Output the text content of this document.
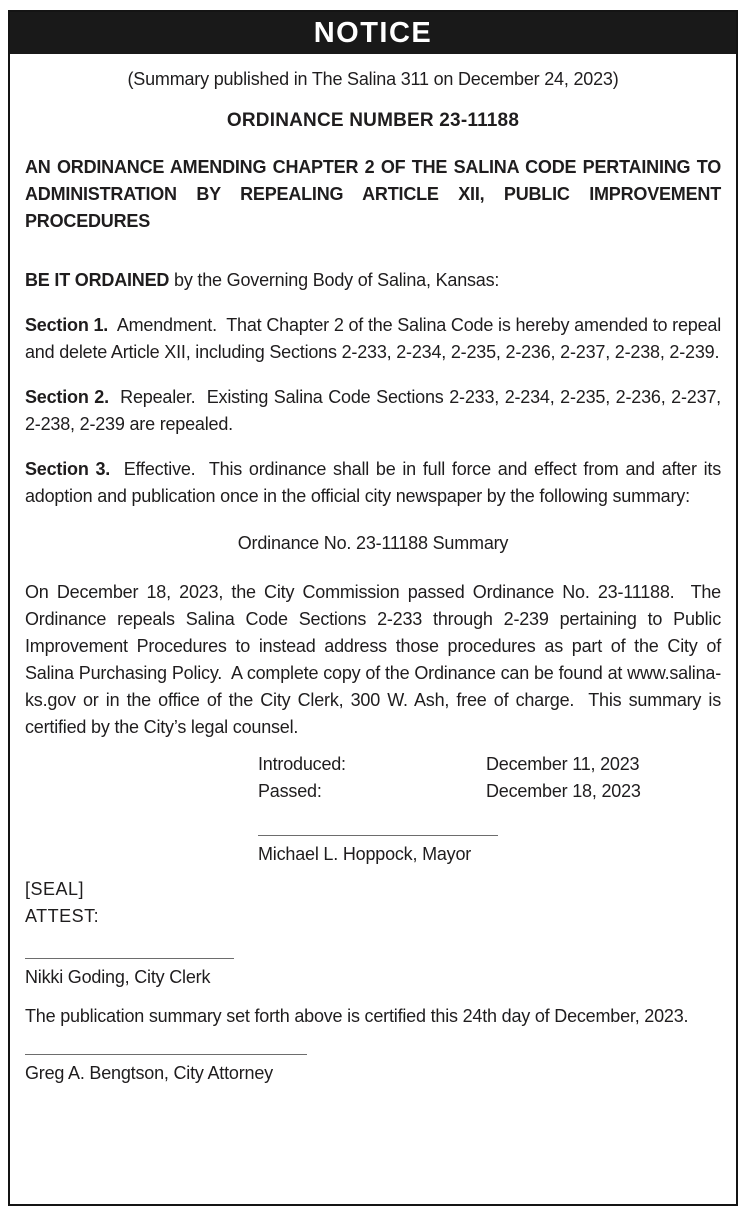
NOTICE

(Summary published in The Salina 311 on December 24, 2023)

ORDINANCE NUMBER 23-11188

AN ORDINANCE AMENDING CHAPTER 2 OF THE SALINA CODE PERTAINING TO ADMINISTRATION BY REPEALING ARTICLE XII, PUBLIC IMPROVEMENT PROCEDURES

BE IT ORDAINED by the Governing Body of Salina, Kansas:

Section 1.  Amendment.  That Chapter 2 of the Salina Code is hereby amended to repeal and delete Article XII, including Sections 2-233, 2-234, 2-235, 2-236, 2-237, 2-238, 2-239.

Section 2.  Repealer.  Existing Salina Code Sections 2-233, 2-234, 2-235, 2-236, 2-237, 2-238, 2-239 are repealed.

Section 3.  Effective.  This ordinance shall be in full force and effect from and after its adoption and publication once in the official city newspaper by the following summary:

Ordinance No. 23-11188 Summary

On December 18, 2023, the City Commission passed Ordinance No. 23-11188.  The Ordinance repeals Salina Code Sections 2-233 through 2-239 pertaining to Public Improvement Procedures to instead address those procedures as part of the City of Salina Purchasing Policy.  A complete copy of the Ordinance can be found at www.salina-ks.gov or in the office of the City Clerk, 300 W. Ash, free of charge.  This summary is certified by the City’s legal counsel.

Introduced:	December 11, 2023
Passed:	December 18, 2023
Michael L. Hoppock, Mayor
[SEAL]
ATTEST:
Nikki Goding, City Clerk

The publication summary set forth above is certified this 24th day of December, 2023.

Greg A. Bengtson, City Attorney
